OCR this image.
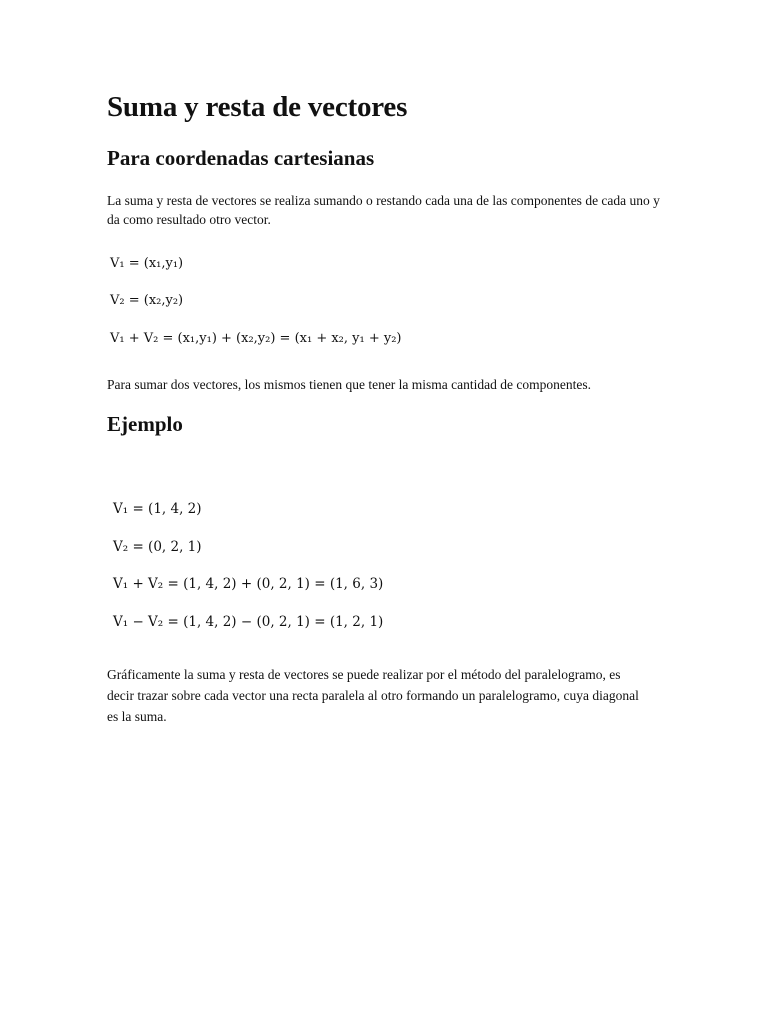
Suma y resta de vectores
Para coordenadas cartesianas
La suma y resta de vectores se realiza sumando o restando cada una de las componentes de cada uno y da como resultado otro vector.
V₁ = (x₁,y₁)
V₂ = (x₂,y₂)
V₁ + V₂ = (x₁,y₁) + (x₂,y₂) = (x₁ + x₂, y₁ + y₂)
Para sumar dos vectores, los mismos tienen que tener la misma cantidad de componentes.
Ejemplo
V₁ = (1, 4, 2)
V₂ = (0, 2, 1)
V₁ + V₂ = (1, 4, 2) + (0, 2, 1) = (1, 6, 3)
V₁ − V₂ = (1, 4, 2) − (0, 2, 1) = (1, 2, 1)
Gráficamente la suma y resta de vectores se puede realizar por el método del paralelogramo, es decir trazar sobre cada vector una recta paralela al otro formando un paralelogramo, cuya diagonal es la suma.
